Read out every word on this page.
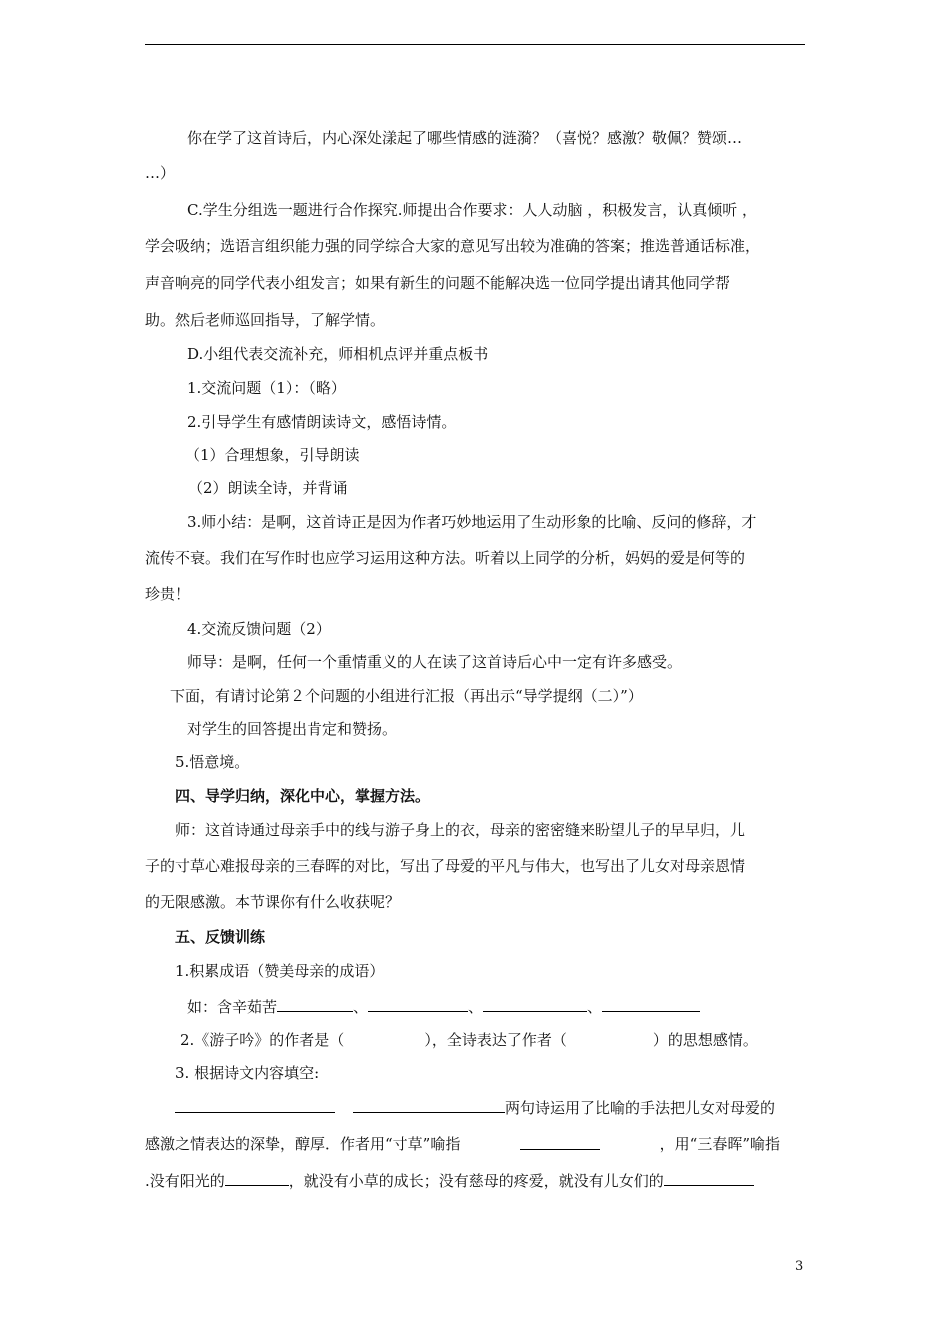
你在学了这首诗后，内心深处漾起了哪些情感的涟漪？（喜悦？感激？敬佩？赞颂…
…）
C.学生分组选一题进行合作探究.师提出合作要求：人人动脑 ，积极发言，认真倾听 ，
学会吸纳；选语言组织能力强的同学综合大家的意见写出较为准确的答案；推选普通话标准，
声音响亮的同学代表小组发言；如果有新生的问题不能解决选一位同学提出请其他同学帮
助。然后老师巡回指导，了解学情。
D.小组代表交流补充，师相机点评并重点板书
1.交流问题（1）：（略）
2.引导学生有感情朗读诗文，感悟诗情。
（1）合理想象，引导朗读
（2）朗读全诗，并背诵
3.师小结：是啊，这首诗正是因为作者巧妙地运用了生动形象的比喻、反问的修辞，才
流传不衰。我们在写作时也应学习运用这种方法。听着以上同学的分析，妈妈的爱是何等的
珍贵！
4.交流反馈问题（2）
师导：是啊，任何一个重情重义的人在读了这首诗后心中一定有许多感受。
下面，有请讨论第２个问题的小组进行汇报（再出示“导学提纲（二）”）
对学生的回答提出肯定和赞扬。
5.悟意境。
四、导学归纳，深化中心，掌握方法。
师：这首诗通过母亲手中的线与游子身上的衣，母亲的密密缝来盼望儿子的早早归，儿
子的寸草心难报母亲的三春晖的对比，写出了母爱的平凡与伟大，也写出了儿女对母亲恩情
的无限感激。本节课你有什么收获呢？
五、反馈训练
1.积累成语（赞美母亲的成语）
如：含辛茹苦	、	、	、
2.《游子吟》的作者是（	），全诗表达了作者（	）的思想感情。
3. 根据诗文内容填空:
两句诗运用了比喻的手法把儿女对母爱的
感激之情表达的深挚，醇厚．作者用“寸草”喻指	，用“三春晖”喻指
.没有阳光的	，就没有小草的成长；没有慈母的疼爱，就没有儿女们的
3
